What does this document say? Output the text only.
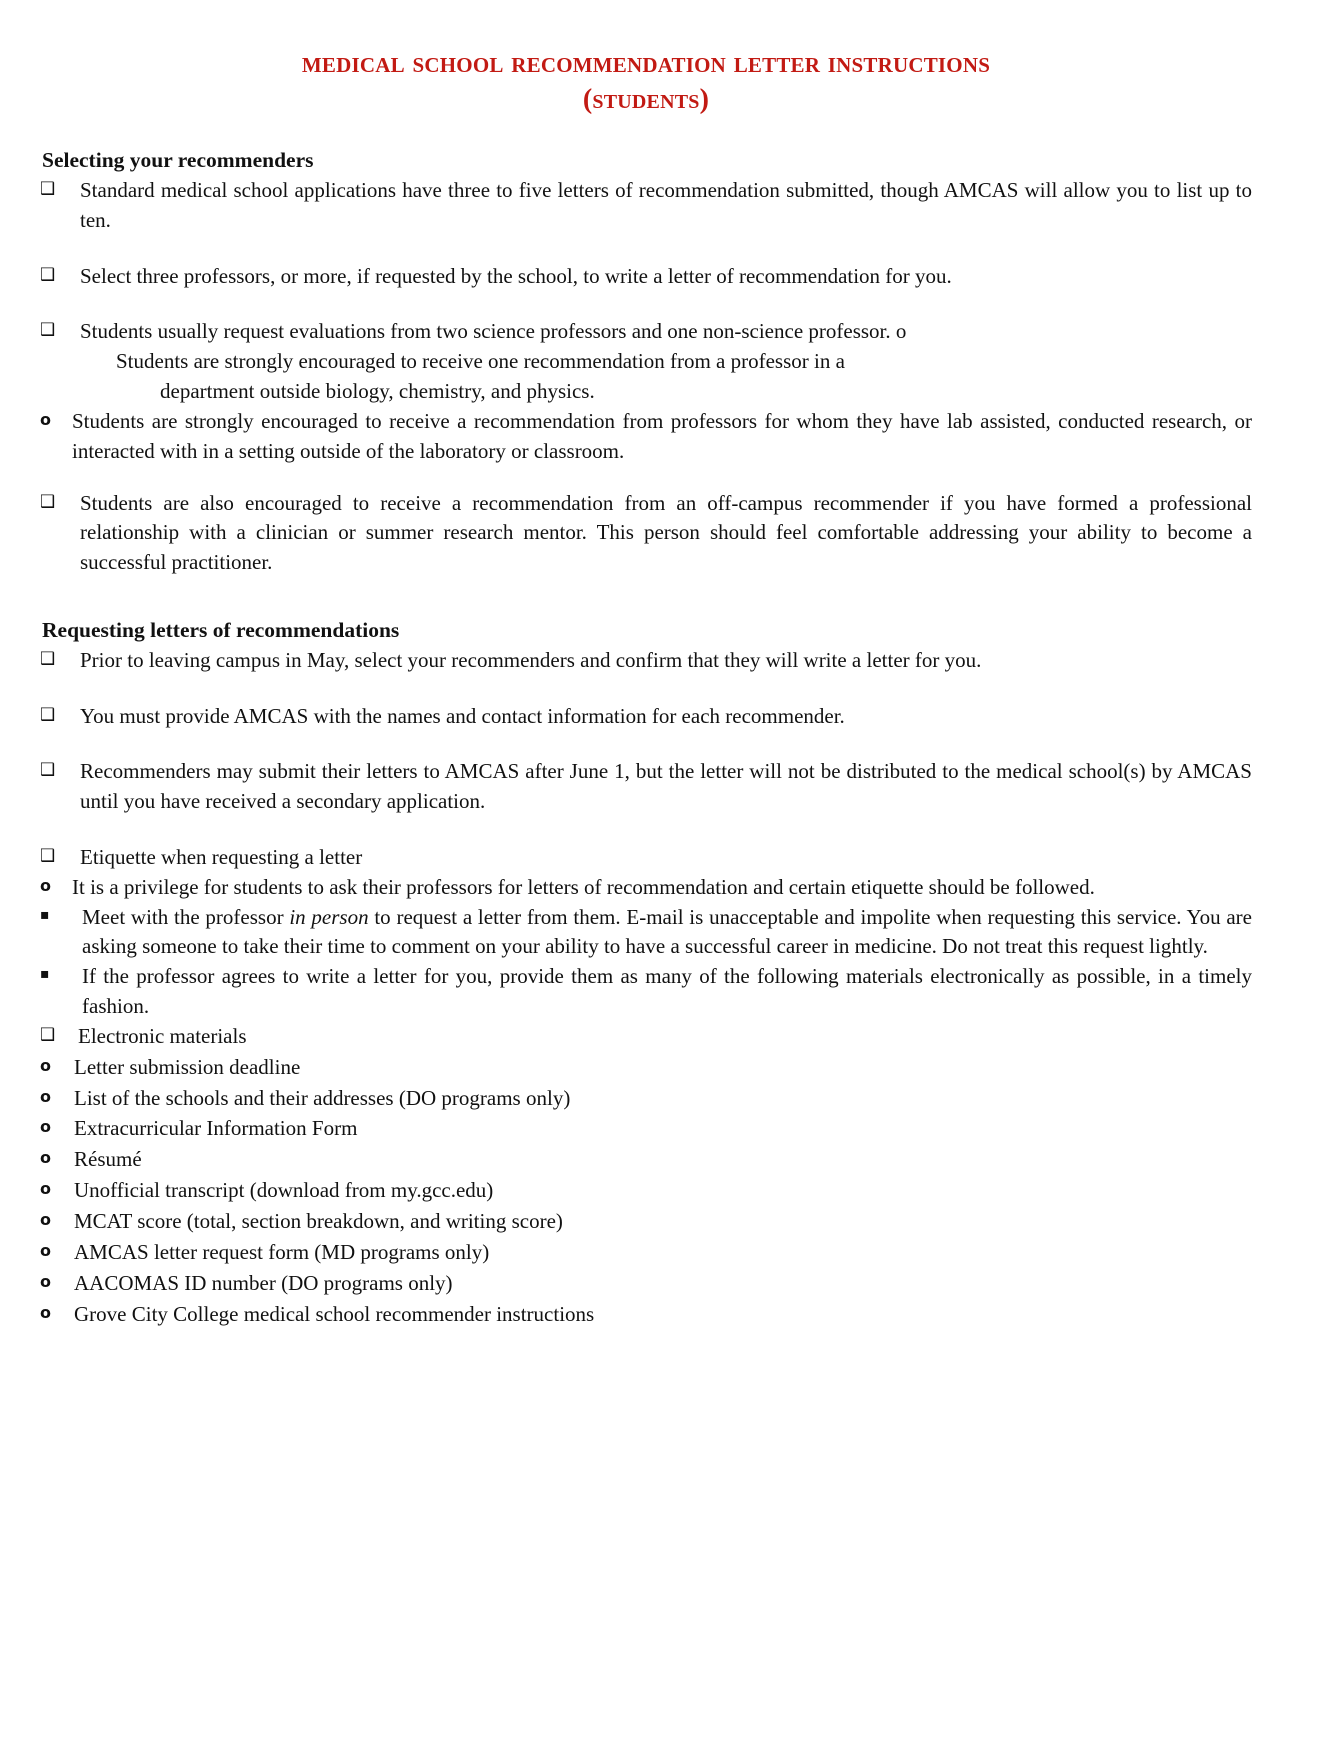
medical school recommendation letter instructions
(students)
Selecting your recommenders
❑	Standard medical school applications have three to five letters of recommendation submitted, though AMCAS will allow you to list up to ten.
❑	Select three professors, or more, if requested by the school, to write a letter of recommendation for you.
❑	Students usually request evaluations from two science professors and one non-science professor. o
Students are strongly encouraged to receive one recommendation from a professor in a
department outside biology, chemistry, and physics.
o	Students are strongly encouraged to receive a recommendation from professors for whom they have lab assisted, conducted research, or interacted with in a setting outside of the laboratory or classroom.
❑	Students are also encouraged to receive a recommendation from an off-campus recommender if you have formed a professional relationship with a clinician or summer research mentor. This person should feel comfortable addressing your ability to become a successful practitioner.
Requesting letters of recommendations
❑	Prior to leaving campus in May, select your recommenders and confirm that they will write a letter for you.
❑	You must provide AMCAS with the names and contact information for each recommender.
❑	Recommenders may submit their letters to AMCAS after June 1, but the letter will not be distributed to the medical school(s) by AMCAS until you have received a secondary application.
❑	Etiquette when requesting a letter
o	It is a privilege for students to ask their professors for letters of recommendation and certain etiquette should be followed.
▪	Meet with the professor in person to request a letter from them. E-mail is unacceptable and impolite when requesting this service. You are asking someone to take their time to comment on your ability to have a successful career in medicine. Do not treat this request lightly.
▪	If the professor agrees to write a letter for you, provide them as many of the following materials electronically as possible, in a timely fashion.
❑	Electronic materials
o	Letter submission deadline
o	List of the schools and their addresses (DO programs only)
o	Extracurricular Information Form
o	Résumé
o	Unofficial transcript (download from my.gcc.edu)
o	MCAT score (total, section breakdown, and writing score)
o	AMCAS letter request form (MD programs only)
o	AACOMAS ID number (DO programs only)
o	Grove City College medical school recommender instructions
